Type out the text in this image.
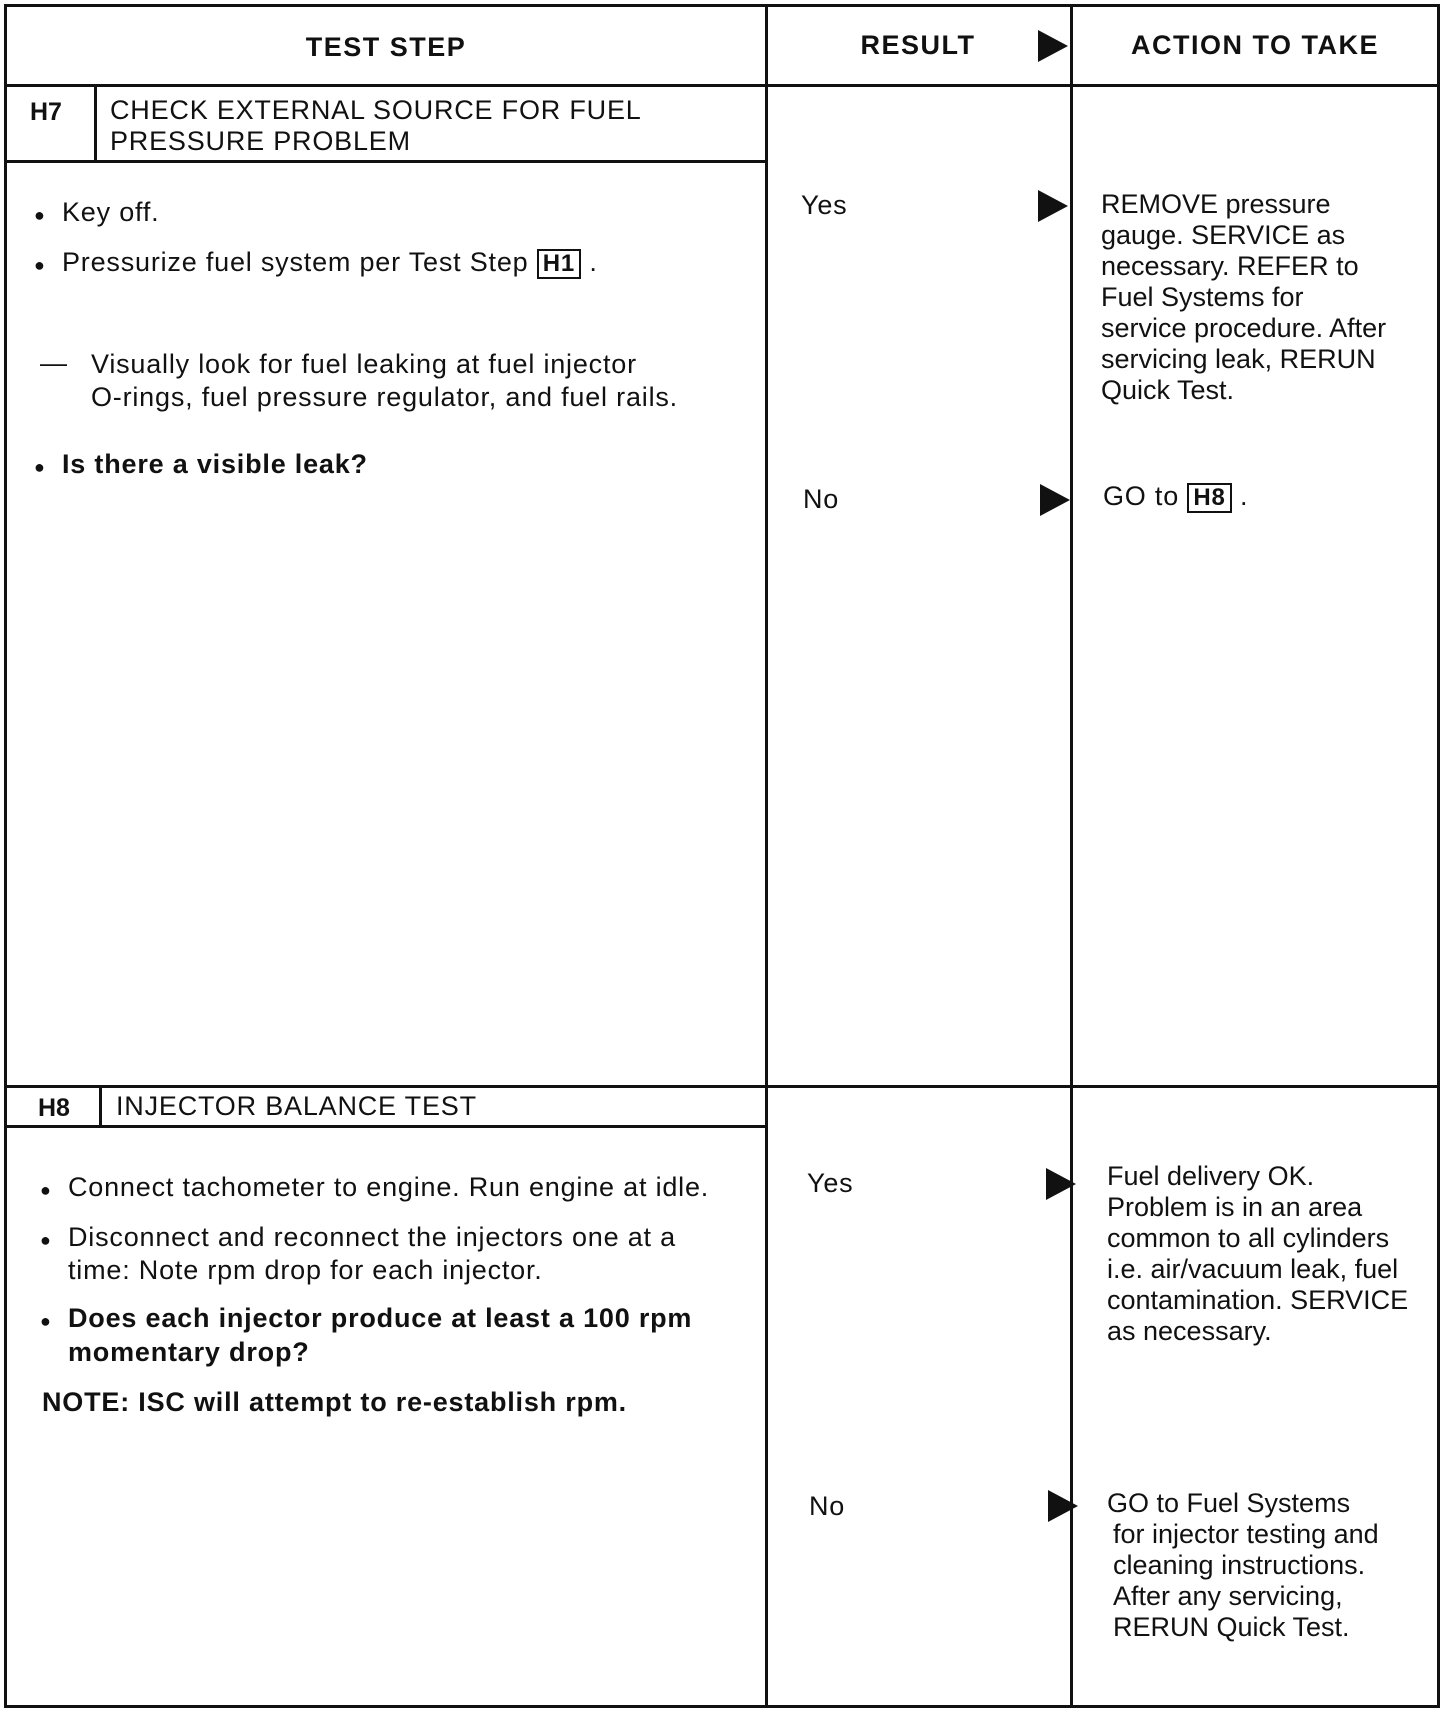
TEST STEP	RESULT	ACTION TO TAKE
H7 CHECK EXTERNAL SOURCE FOR FUEL
PRESSURE PROBLEM
● Key off.
● Pressurize fuel system per Test Step H1 .
— Visually look for fuel leaking at fuel injector
O-rings, fuel pressure regulator, and fuel rails.
● Is there a visible leak?
Yes	REMOVE pressure
gauge. SERVICE as
necessary. REFER to
Fuel Systems for
service procedure. After
servicing leak, RERUN
Quick Test.
No	GO to H8 .
H8 INJECTOR BALANCE TEST
● Connect tachometer to engine. Run engine at idle.
● Disconnect and reconnect the injectors one at a
time: Note rpm drop for each injector.
● Does each injector produce at least a 100 rpm
momentary drop?
NOTE: ISC will attempt to re-establish rpm.
Yes	Fuel delivery OK.
Problem is in an area
common to all cylinders
i.e. air/vacuum leak, fuel
contamination. SERVICE
as necessary.
No	GO to Fuel Systems
for injector testing and
cleaning instructions.
After any servicing,
RERUN Quick Test.
